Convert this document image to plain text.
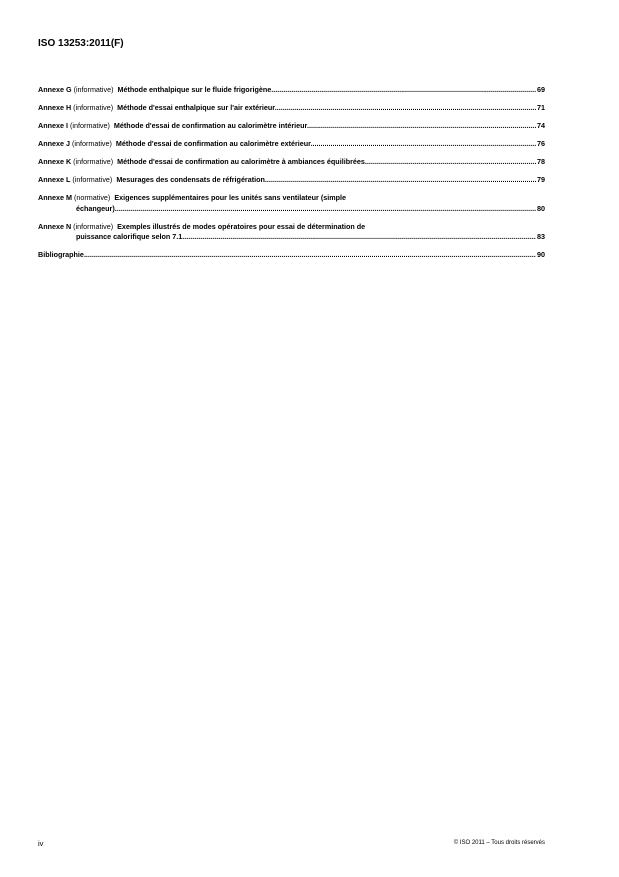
ISO 13253:2011(F)
Annexe G (informative) Méthode enthalpique sur le fluide frigorigène .....	69
Annexe H (informative) Méthode d'essai enthalpique sur l'air extérieur .....	71
Annexe I (informative) Méthode d'essai de confirmation au calorimètre intérieur .....	74
Annexe J (informative) Méthode d'essai de confirmation au calorimètre extérieur .....	76
Annexe K (informative) Méthode d'essai de confirmation au calorimètre à ambiances équilibrées .....	78
Annexe L (informative) Mesurages des condensats de réfrigération .....	79
Annexe M (normative) Exigences supplémentaires pour les unités sans ventilateur (simple
échangeur) .....	80
Annexe N (informative) Exemples illustrés de modes opératoires pour essai de détermination de
puissance calorifique selon 7.1 .....	83
Bibliographie .....	90
iv	© ISO 2011 – Tous droits réservés
